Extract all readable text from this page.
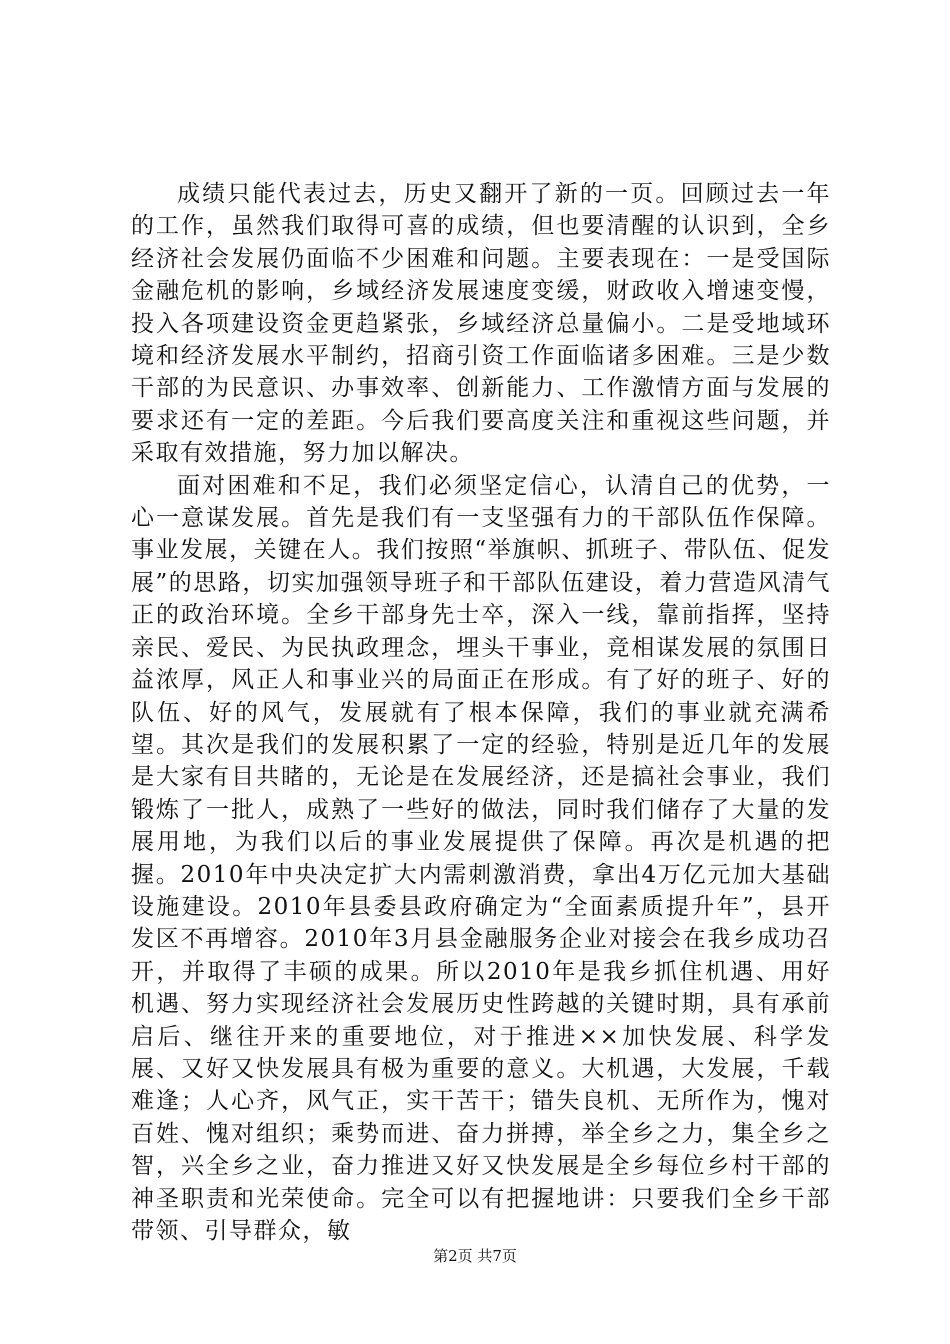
成绩只能代表过去，历史又翻开了新的一页。回顾过去一年的工作，虽然我们取得可喜的成绩，但也要清醒的认识到，全乡经济社会发展仍面临不少困难和问题。主要表现在：一是受国际金融危机的影响，乡域经济发展速度变缓，财政收入增速变慢，投入各项建设资金更趋紧张，乡域经济总量偏小。二是受地域环境和经济发展水平制约，招商引资工作面临诸多困难。三是少数干部的为民意识、办事效率、创新能力、工作激情方面与发展的要求还有一定的差距。今后我们要高度关注和重视这些问题，并采取有效措施，努力加以解决。

面对困难和不足，我们必须坚定信心，认清自己的优势，一心一意谋发展。首先是我们有一支坚强有力的干部队伍作保障。事业发展，关键在人。我们按照“举旗帜、抓班子、带队伍、促发展”的思路，切实加强领导班子和干部队伍建设，着力营造风清气正的政治环境。全乡干部身先士卒，深入一线，靠前指挥，坚持亲民、爱民、为民执政理念，埋头干事业，竞相谋发展的氛围日益浓厚，风正人和事业兴的局面正在形成。有了好的班子、好的队伍、好的风气，发展就有了根本保障，我们的事业就充满希望。其次是我们的发展积累了一定的经验，特别是近几年的发展是大家有目共睹的，无论是在发展经济，还是搞社会事业，我们锻炼了一批人，成熟了一些好的做法，同时我们储存了大量的发展用地，为我们以后的事业发展提供了保障。再次是机遇的把握。2010年中央决定扩大内需刺激消费，拿出4万亿元加大基础设施建设。2010年县委县政府确定为“全面素质提升年”，县开发区不再增容。2010年3月县金融服务企业对接会在我乡成功召开，并取得了丰硕的成果。所以2010年是我乡抓住机遇、用好机遇、努力实现经济社会发展历史性跨越的关键时期，具有承前启后、继往开来的重要地位，对于推进××加快发展、科学发展、又好又快发展具有极为重要的意义。大机遇，大发展，千载难逢；人心齐，风气正，实干苦干；错失良机、无所作为，愧对百姓、愧对组织；乘势而进、奋力拼搏，举全乡之力，集全乡之智，兴全乡之业，奋力推进又好又快发展是全乡每位乡村干部的神圣职责和光荣使命。完全可以有把握地讲：只要我们全乡干部带领、引导群众，敏

第2页 共7页
